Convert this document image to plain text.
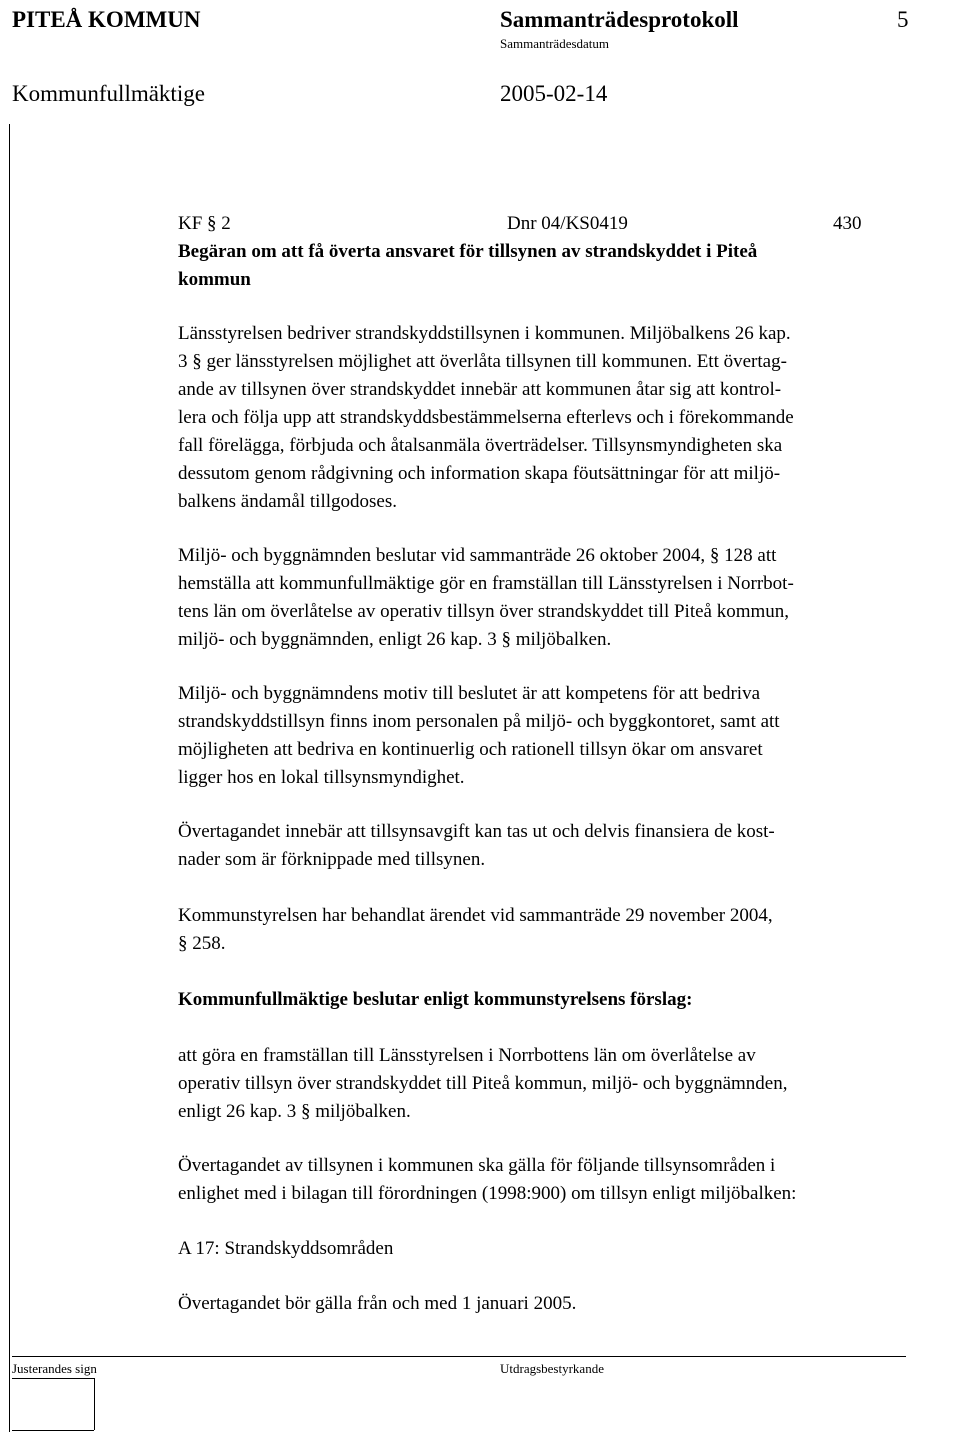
PITEÅ KOMMUN	Sammanträdesprotokoll	5
Sammanträdesdatum
Kommunfullmäktige	2005-02-14
KF § 2	Dnr 04/KS0419	430
Begäran om att få överta ansvaret för tillsynen av strandskyddet i Piteå
kommun
Länsstyrelsen bedriver strandskyddstillsynen i kommunen. Miljöbalkens 26 kap.
3 § ger länsstyrelsen möjlighet att överlåta tillsynen till kommunen. Ett övertag-
ande av tillsynen över strandskyddet innebär att kommunen åtar sig att kontrol-
lera och följa upp att strandskyddsbestämmelserna efterlevs och i förekommande
fall förelägga, förbjuda och åtalsanmäla överträdelser. Tillsynsmyndigheten ska
dessutom genom rådgivning och information skapa föutsättningar för att miljö-
balkens ändamål tillgodoses.
Miljö- och byggnämnden beslutar vid sammanträde 26 oktober 2004, § 128 att
hemställa att kommunfullmäktige gör en framställan till Länsstyrelsen i Norrbot-
tens län om överlåtelse av operativ tillsyn över strandskyddet till Piteå kommun,
miljö- och byggnämnden, enligt 26 kap. 3 § miljöbalken.
Miljö- och byggnämndens motiv till beslutet är att kompetens för att bedriva
strandskyddstillsyn finns inom personalen på miljö- och byggkontoret, samt att
möjligheten att bedriva en kontinuerlig och rationell tillsyn ökar om ansvaret
ligger hos en lokal tillsynsmyndighet.
Övertagandet innebär att tillsynsavgift kan tas ut och delvis finansiera de kost-
nader som är förknippade med tillsynen.
Kommunstyrelsen har behandlat ärendet vid sammanträde 29 november 2004,
§ 258.
Kommunfullmäktige beslutar enligt kommunstyrelsens förslag:
att göra en framställan till Länsstyrelsen i Norrbottens län om överlåtelse av
operativ tillsyn över strandskyddet till Piteå kommun, miljö- och byggnämnden,
enligt 26 kap. 3 § miljöbalken.
Övertagandet av tillsynen i kommunen ska gälla för följande tillsynsområden i
enlighet med i bilagan till förordningen (1998:900) om tillsyn enligt miljöbalken:
A 17: Strandskyddsområden
Övertagandet bör gälla från och med 1 januari 2005.
Justerandes sign	Utdragsbestyrkande
